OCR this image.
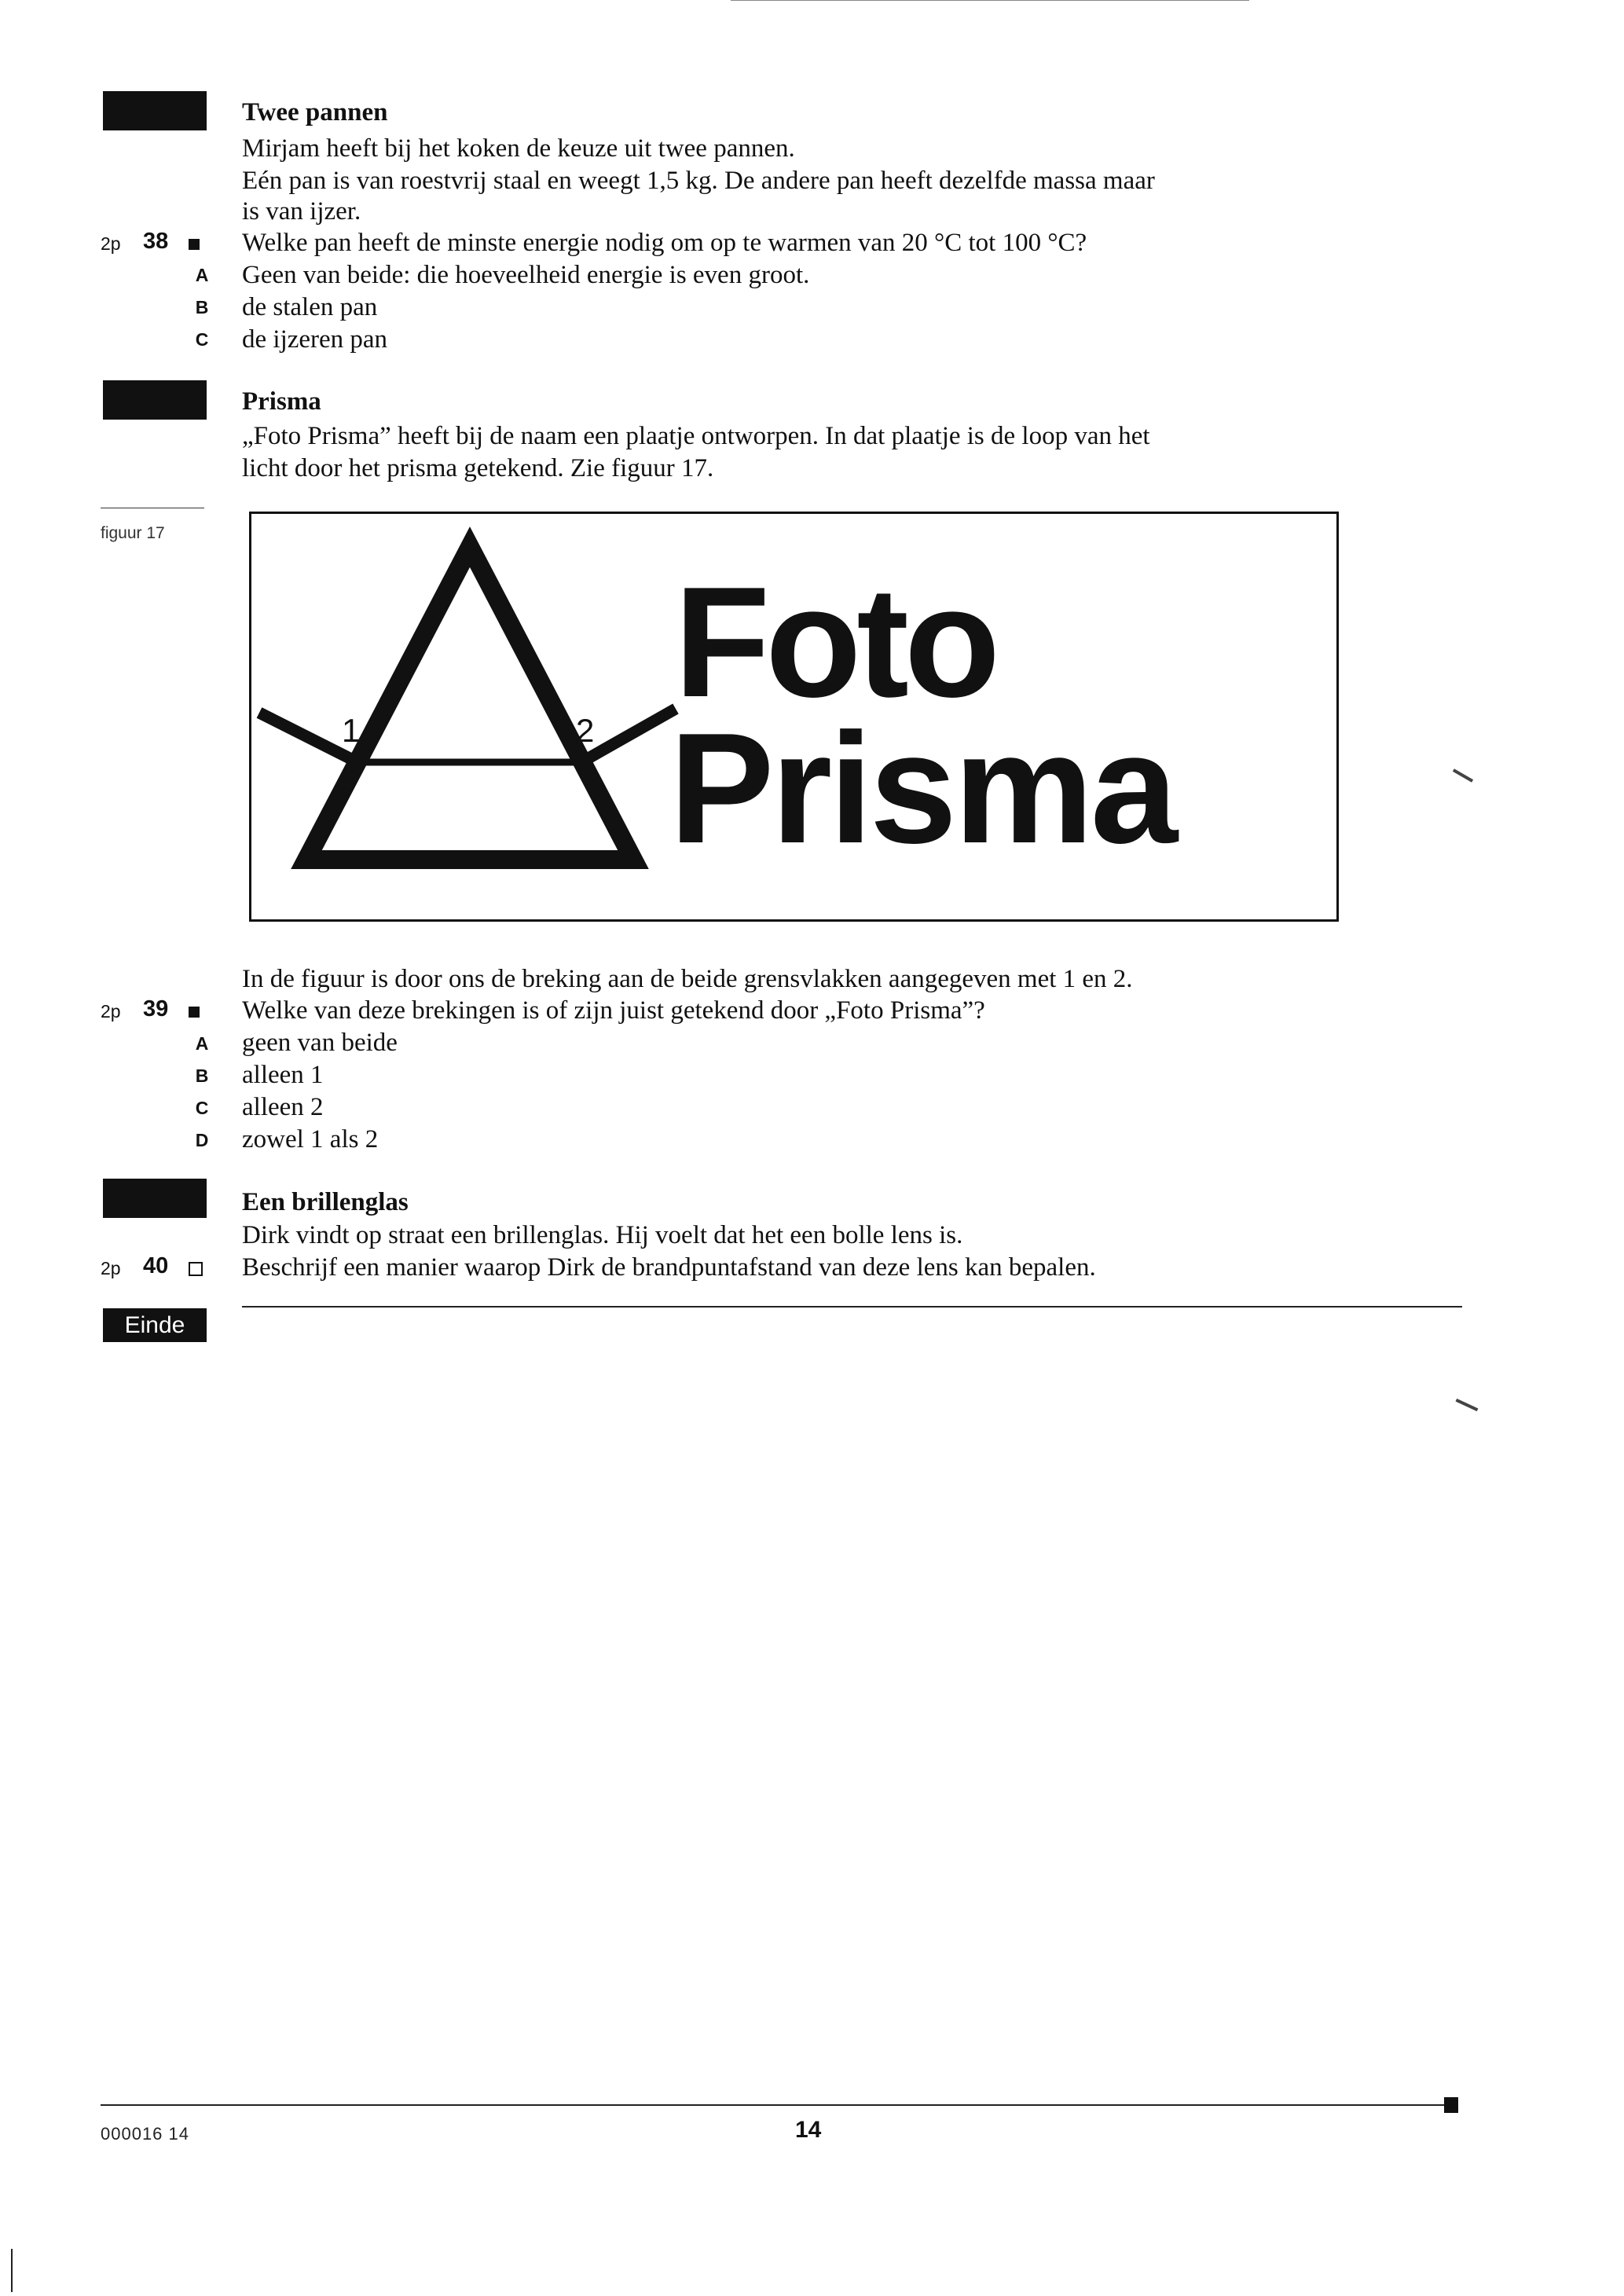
Twee pannen
Mirjam heeft bij het koken de keuze uit twee pannen.
Eén pan is van roestvrij staal en weegt 1,5 kg. De andere pan heeft dezelfde massa maar
is van ijzer.
2p 38	Welke pan heeft de minste energie nodig om op te warmen van 20 °C tot 100 °C?
A Geen van beide: die hoeveelheid energie is even groot.
B de stalen pan
C de ijzeren pan
Prisma
„Foto Prisma” heeft bij de naam een plaatje ontworpen. In dat plaatje is de loop van het
licht door het prisma getekend. Zie figuur 17.
figuur 17
1	2
Foto
Prisma
In de figuur is door ons de breking aan de beide grensvlakken aangegeven met 1 en 2.
2p 39	Welke van deze brekingen is of zijn juist getekend door „Foto Prisma”?
A geen van beide
B alleen 1
C alleen 2
D zowel 1 als 2
Een brillenglas
Dirk vindt op straat een brillenglas. Hij voelt dat het een bolle lens is.
2p 40	Beschrijf een manier waarop Dirk de brandpuntafstand van deze lens kan bepalen.
Einde
000016 14	14
